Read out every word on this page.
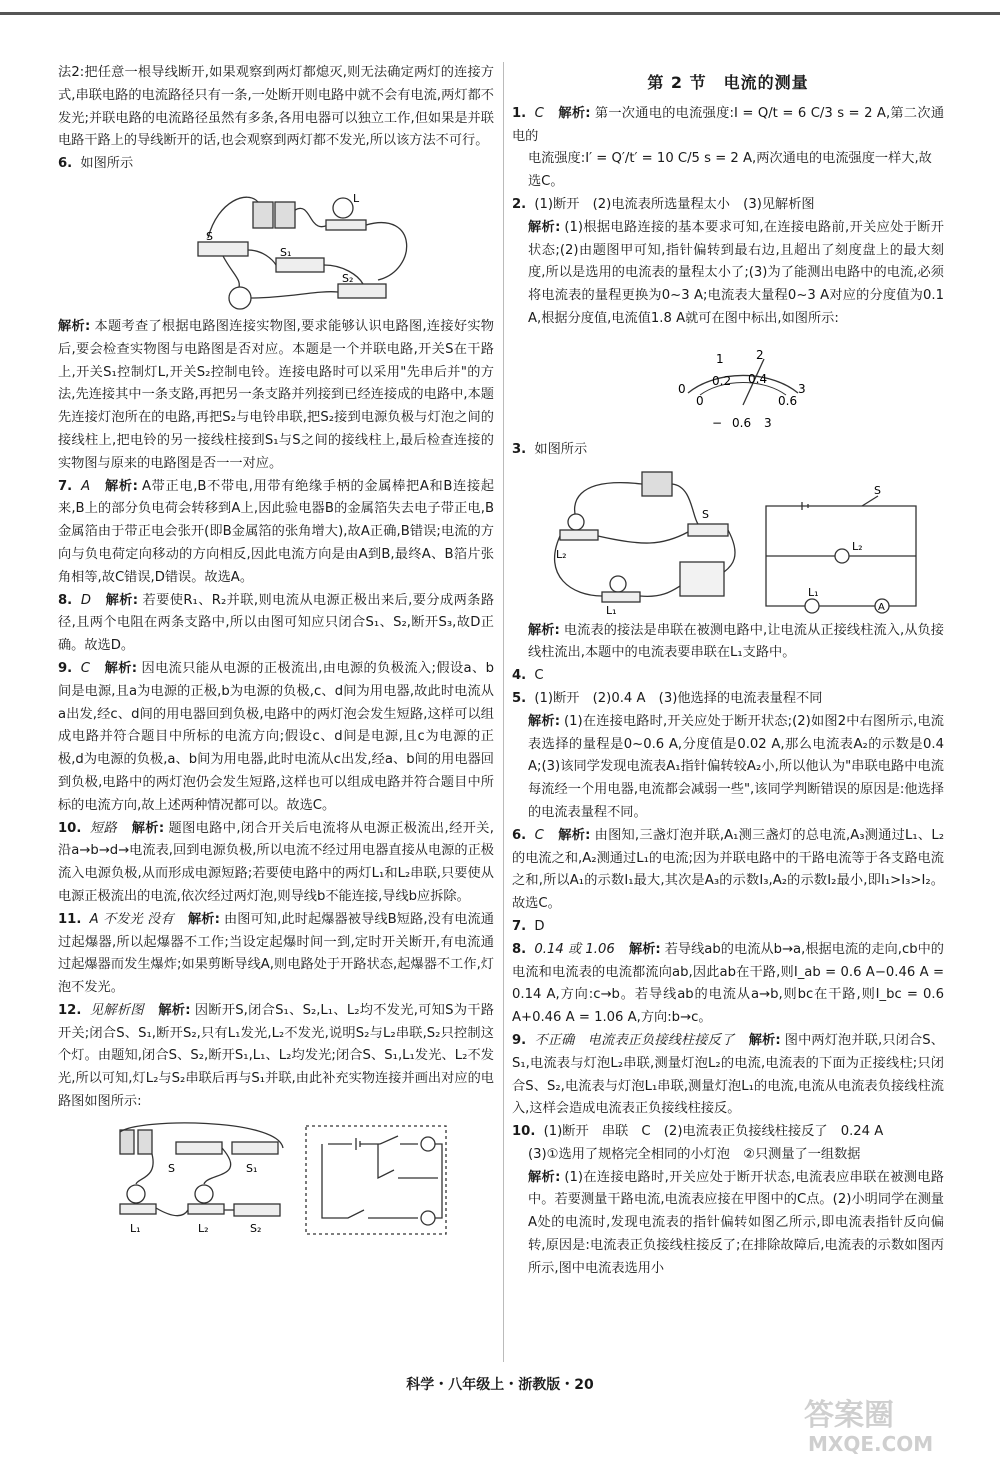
法2:把任意一根导线断开,如果观察到两灯都熄灭,则无法确定两灯的连接方式,串联电路的电流路径只有一条,一处断开则电路中就不会有电流,两灯都不发光;并联电路的电流路径虽然有多条,各用电器可以独立工作,但如果是并联电路干路上的导线断开的话,也会观察到两灯都不发光,所以该方法不可行。

6. 如图所示

S
S₁
S₂
L

解析: 本题考查了根据电路图连接实物图,要求能够认识电路图,连接好实物后,要会检查实物图与电路图是否对应。本题是一个并联电路,开关S在干路上,开关S₁控制灯L,开关S₂控制电铃。连接电路时可以采用"先串后并"的方法,先连接其中一条支路,再把另一条支路并列接到已经连接成的电路中,本题先连接灯泡所在的电路,再把S₂与电铃串联,把S₂接到电源负极与灯泡之间的接线柱上,把电铃的另一接线柱接到S₁与S之间的接线柱上,最后检查连接的实物图与原来的电路图是否一一对应。

7. A 解析: A带正电,B不带电,用带有绝缘手柄的金属棒把A和B连接起来,B上的部分负电荷会转移到A上,因此验电器B的金属箔失去电子带正电,B金属箔由于带正电会张开(即B金属箔的张角增大),故A正确,B错误;电流的方向与负电荷定向移动的方向相反,因此电流方向是由A到B,最终A、B箔片张角相等,故C错误,D错误。故选A。

8. D 解析: 若要使R₁、R₂并联,则电流从电源正极出来后,要分成两条路径,且两个电阻在两条支路中,所以由图可知应只闭合S₁、S₂,断开S₃,故D正确。故选D。

9. C 解析: 因电流只能从电源的正极流出,由电源的负极流入;假设a、b间是电源,且a为电源的正极,b为电源的负极,c、d间为用电器,故此时电流从a出发,经c、d间的用电器回到负极,电路中的两灯泡会发生短路,这样可以组成电路并符合题目中所标的电流方向;假设c、d间是电源,且c为电源的正极,d为电源的负极,a、b间为用电器,此时电流从c出发,经a、b间的用电器回到负极,电路中的两灯泡仍会发生短路,这样也可以组成电路并符合题目中所标的电流方向,故上述两种情况都可以。故选C。

10. 短路 解析: 题图电路中,闭合开关后电流将从电源正极流出,经开关,沿a→b→d→电流表,回到电源负极,所以电流不经过用电器直接从电源的正极流入电源负极,从而形成电源短路;若要使电路中的两灯L₁和L₂串联,只要使从电源正极流出的电流,依次经过两灯泡,则导线b不能连接,导线b应拆除。

11. A 不发光 没有 解析: 由图可知,此时起爆器被导线B短路,没有电流通过起爆器,所以起爆器不工作;当设定起爆时间一到,定时开关断开,有电流通过起爆器而发生爆炸;如果剪断导线A,则电路处于开路状态,起爆器不工作,灯泡不发光。

12. 见解析图 解析: 因断开S,闭合S₁、S₂,L₁、L₂均不发光,可知S为干路开关;闭合S、S₁,断开S₂,只有L₁发光,L₂不发光,说明S₂与L₂串联,S₂只控制这个灯。由题知,闭合S、S₂,断开S₁,L₁、L₂均发光;闭合S、S₁,L₁发光、L₂不发光,所以可知,灯L₂与S₂串联后再与S₁并联,由此补充实物连接并画出对应的电路图如图所示:

S	S₁
L₁	L₂	S₂
第 2 节　电流的测量

1. C 解析: 第一次通电的电流强度:I = Q/t = 6 C/3 s = 2 A,第二次通电的

电流强度:I′ = Q′/t′ = 10 C/5 s = 2 A,两次通电的电流强度一样大,故

选C。

2. (1)断开　(2)电流表所选量程太小　(3)见解析图

解析: (1)根据电路连接的基本要求可知,在连接电路前,开关应处于断开状态;(2)由题图甲可知,指针偏转到最右边,且超出了刻度盘上的最大刻度,所以是选用的电流表的量程太小了;(3)为了能测出电路中的电流,必须将电流表的量程更换为0~3 A;电流表大量程0~3 A对应的分度值为0.1 A,根据分度值,电流值1.8 A就可在图中标出,如图所示:

0
1	2
3
0
0.2 0.4
0.6
− 0.6 3

3. 如图所示

S
L₂
L₁
L₂
L₁
A
S

解析: 电流表的接法是串联在被测电路中,让电流从正接线柱流入,从负接线柱流出,本题中的电流表要串联在L₁支路中。

4. C

5. (1)断开　(2)0.4 A　(3)他选择的电流表量程不同

解析: (1)在连接电路时,开关应处于断开状态;(2)如图2中右图所示,电流表选择的量程是0~0.6 A,分度值是0.02 A,那么电流表A₂的示数是0.4 A;(3)该同学发现电流表A₁指针偏转较A₂小,所以他认为"串联电路中电流每流经一个用电器,电流都会减弱一些",该同学判断错误的原因是:他选择的电流表量程不同。

6. C 解析: 由图知,三盏灯泡并联,A₁测三盏灯的总电流,A₃测通过L₁、L₂的电流之和,A₂测通过L₁的电流;因为并联电路中的干路电流等于各支路电流之和,所以A₁的示数I₁最大,其次是A₃的示数I₃,A₂的示数I₂最小,即I₁>I₃>I₂。故选C。

7. D

8. 0.14 或 1.06 解析: 若导线ab的电流从b→a,根据电流的走向,cb中的电流和电流表的电流都流向ab,因此ab在干路,则I_ab = 0.6 A−0.46 A = 0.14 A,方向:c→b。若导线ab的电流从a→b,则bc在干路,则I_bc = 0.6 A+0.46 A = 1.06 A,方向:b→c。

9. 不正确　电流表正负接线柱接反了 解析: 图中两灯泡并联,只闭合S、S₁,电流表与灯泡L₂串联,测量灯泡L₂的电流,电流表的下面为正接线柱;只闭合S、S₂,电流表与灯泡L₁串联,测量灯泡L₁的电流,电流从电流表负接线柱流入,这样会造成电流表正负接线柱接反。

10. (1)断开　串联　C　(2)电流表正负接线柱接反了　0.24 A

(3)①选用了规格完全相同的小灯泡　②只测量了一组数据

解析: (1)在连接电路时,开关应处于断开状态,电流表应串联在被测电路中。若要测量干路电流,电流表应接在甲图中的C点。(2)小明同学在测量A处的电流时,发现电流表的指针偏转如图乙所示,即电流表指针反向偏转,原因是:电流表正负接线柱接反了;在排除故障后,电流表的示数如图丙所示,图中电流表选用小

科学・八年级上・浙教版・20
答案圈
MXQE.COM
